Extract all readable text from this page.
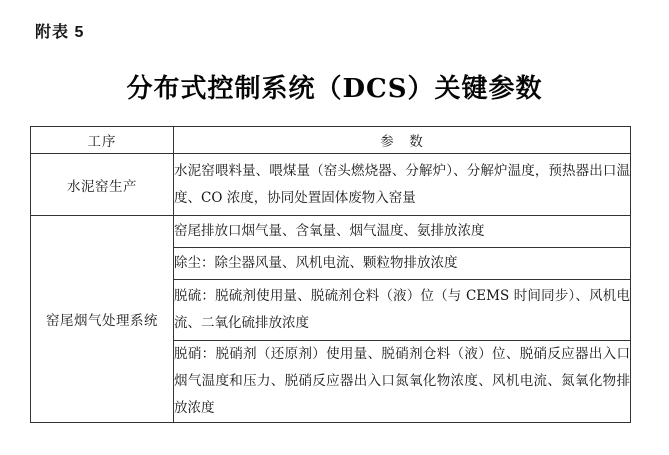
附表 5
分布式控制系统（DCS）关键参数
工序	参　数
水泥窑生产	水泥窑喂料量、喂煤量（窑头燃烧器、分解炉）、分解炉温度，预热器出口温度、CO 浓度，协同处置固体废物入窑量
窑尾烟气处理系统	窑尾排放口烟气量、含氧量、烟气温度、氨排放浓度
	除尘：除尘器风量、风机电流、颗粒物排放浓度
	脱硫：脱硫剂使用量、脱硫剂仓料（液）位（与 CEMS 时间同步）、风机电流、二氧化硫排放浓度
	脱硝：脱硝剂（还原剂）使用量、脱硝剂仓料（液）位、脱硝反应器出入口烟气温度和压力、脱硝反应器出入口氮氧化物浓度、风机电流、氮氧化物排放浓度
